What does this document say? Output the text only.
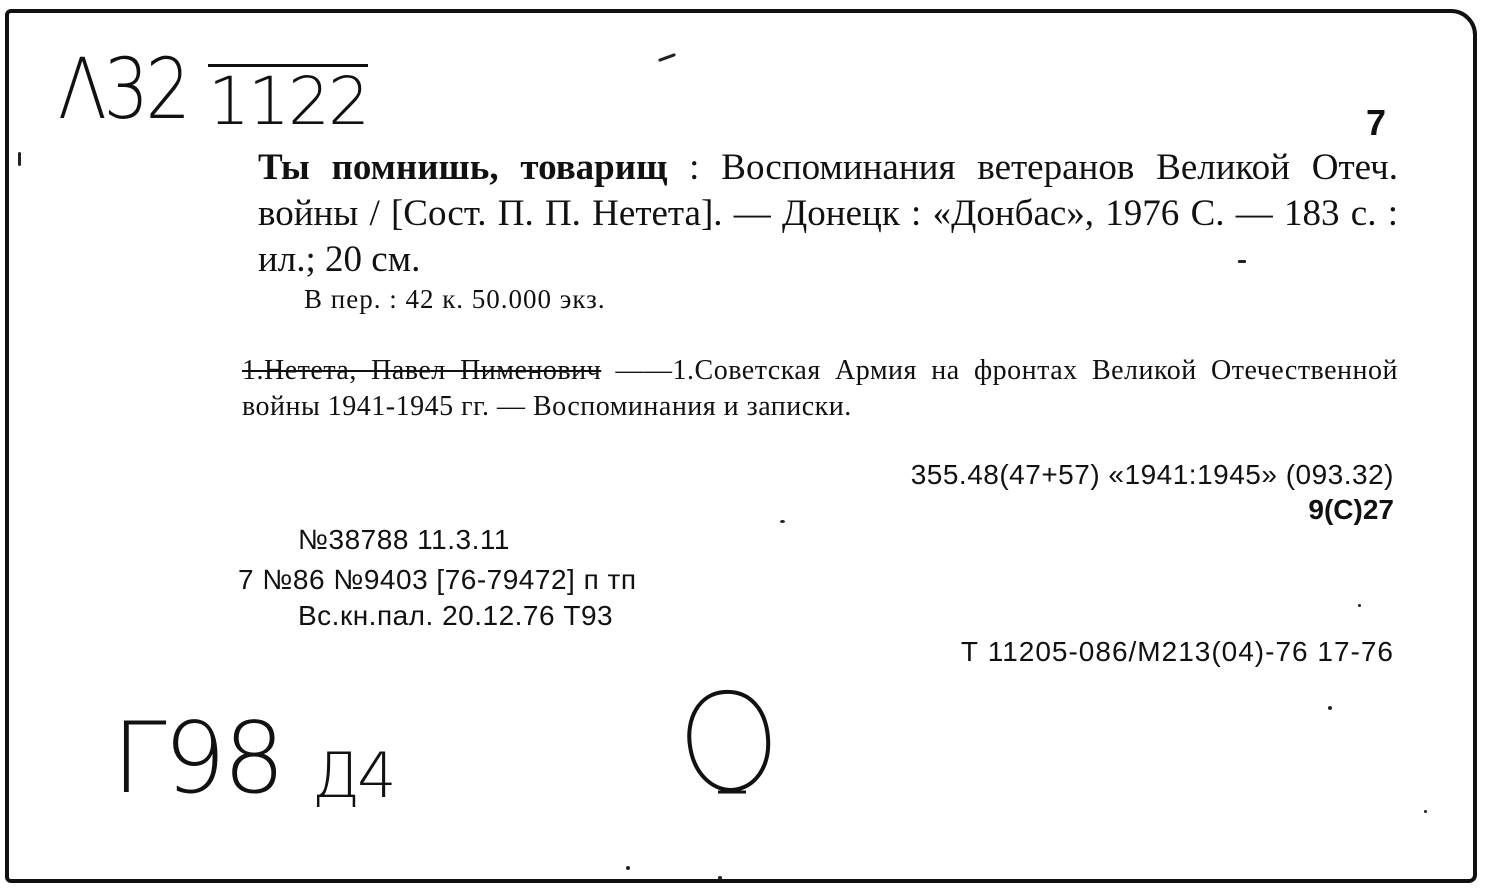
Λ32 1122	7

Ты помнишь, товарищ : Воспоминания ветеранов Великой Отеч. войны / [Сост. П. П. Нетета]. — Донецк : «Донбас», 1976 С. — 183 с. : ил.; 20 см.

В пер. : 42 к. 50.000 экз.

1.Нетета, Павел Пименович ——1.Советская Армия на фронтах Великой Отечественной войны 1941-1945 гг. — Воспоминания и записки.

355.48(47+57) «1941:1945» (093.32)
9(С)27
№38788 11.3.11
7 №86 №9403 [76-79472] п тп
Вс.кн.пал. 20.12.76 Т93
Т 11205-086/М213(04)-76 17-76
Γ98 Д4
